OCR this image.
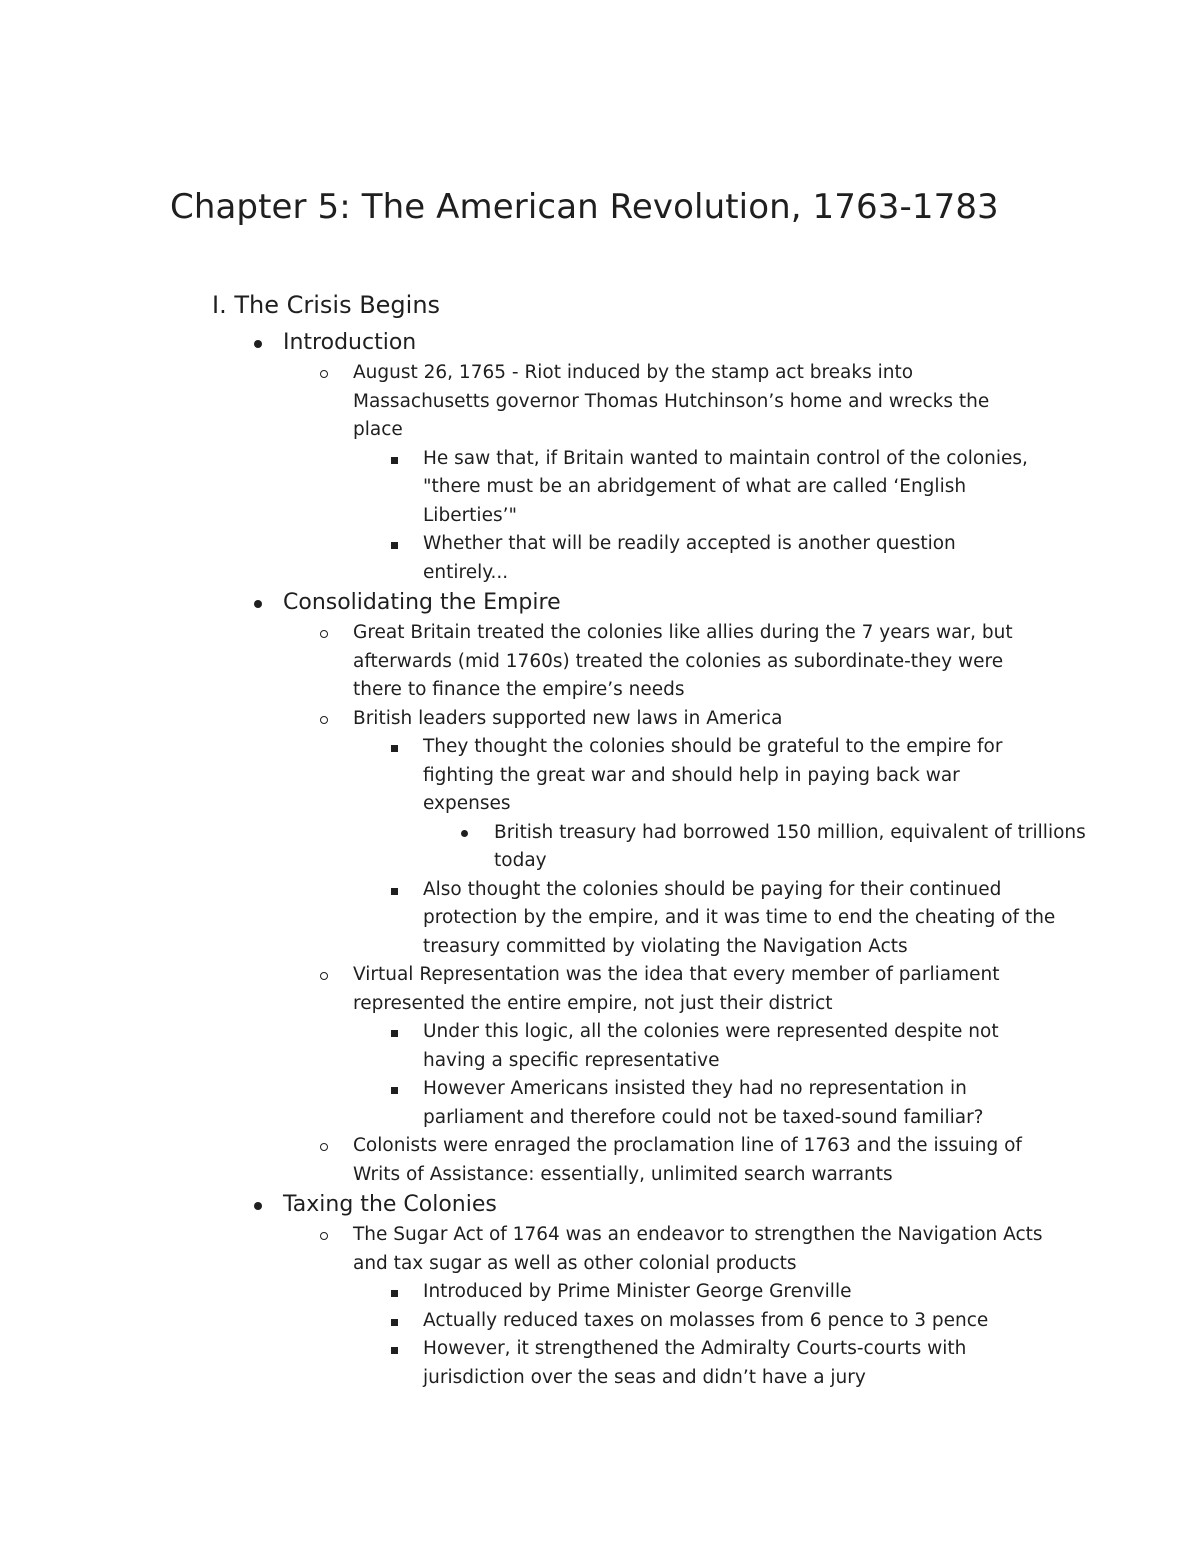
Chapter 5: The American Revolution, 1763-1783
I. The Crisis Begins
Introduction
August 26, 1765 - Riot induced by the stamp act breaks into Massachusetts governor Thomas Hutchinson’s home and wrecks the place
He saw that, if Britain wanted to maintain control of the colonies, "there must be an abridgement of what are called ‘English Liberties’"
Whether that will be readily accepted is another question entirely...
Consolidating the Empire
Great Britain treated the colonies like allies during the 7 years war, but afterwards (mid 1760s) treated the colonies as subordinate-they were there to finance the empire’s needs
British leaders supported new laws in America
They thought the colonies should be grateful to the empire for fighting the great war and should help in paying back war expenses
British treasury had borrowed 150 million, equivalent of trillions today
Also thought the colonies should be paying for their continued protection by the empire, and it was time to end the cheating of the treasury committed by violating the Navigation Acts
Virtual Representation was the idea that every member of parliament represented the entire empire, not just their district
Under this logic, all the colonies were represented despite not having a specific representative
However Americans insisted they had no representation in parliament and therefore could not be taxed-sound familiar?
Colonists were enraged the proclamation line of 1763 and the issuing of Writs of Assistance: essentially, unlimited search warrants
Taxing the Colonies
The Sugar Act of 1764 was an endeavor to strengthen the Navigation Acts and tax sugar as well as other colonial products
Introduced by Prime Minister George Grenville
Actually reduced taxes on molasses from 6 pence to 3 pence
However, it strengthened the Admiralty Courts-courts with jurisdiction over the seas and didn’t have a jury
